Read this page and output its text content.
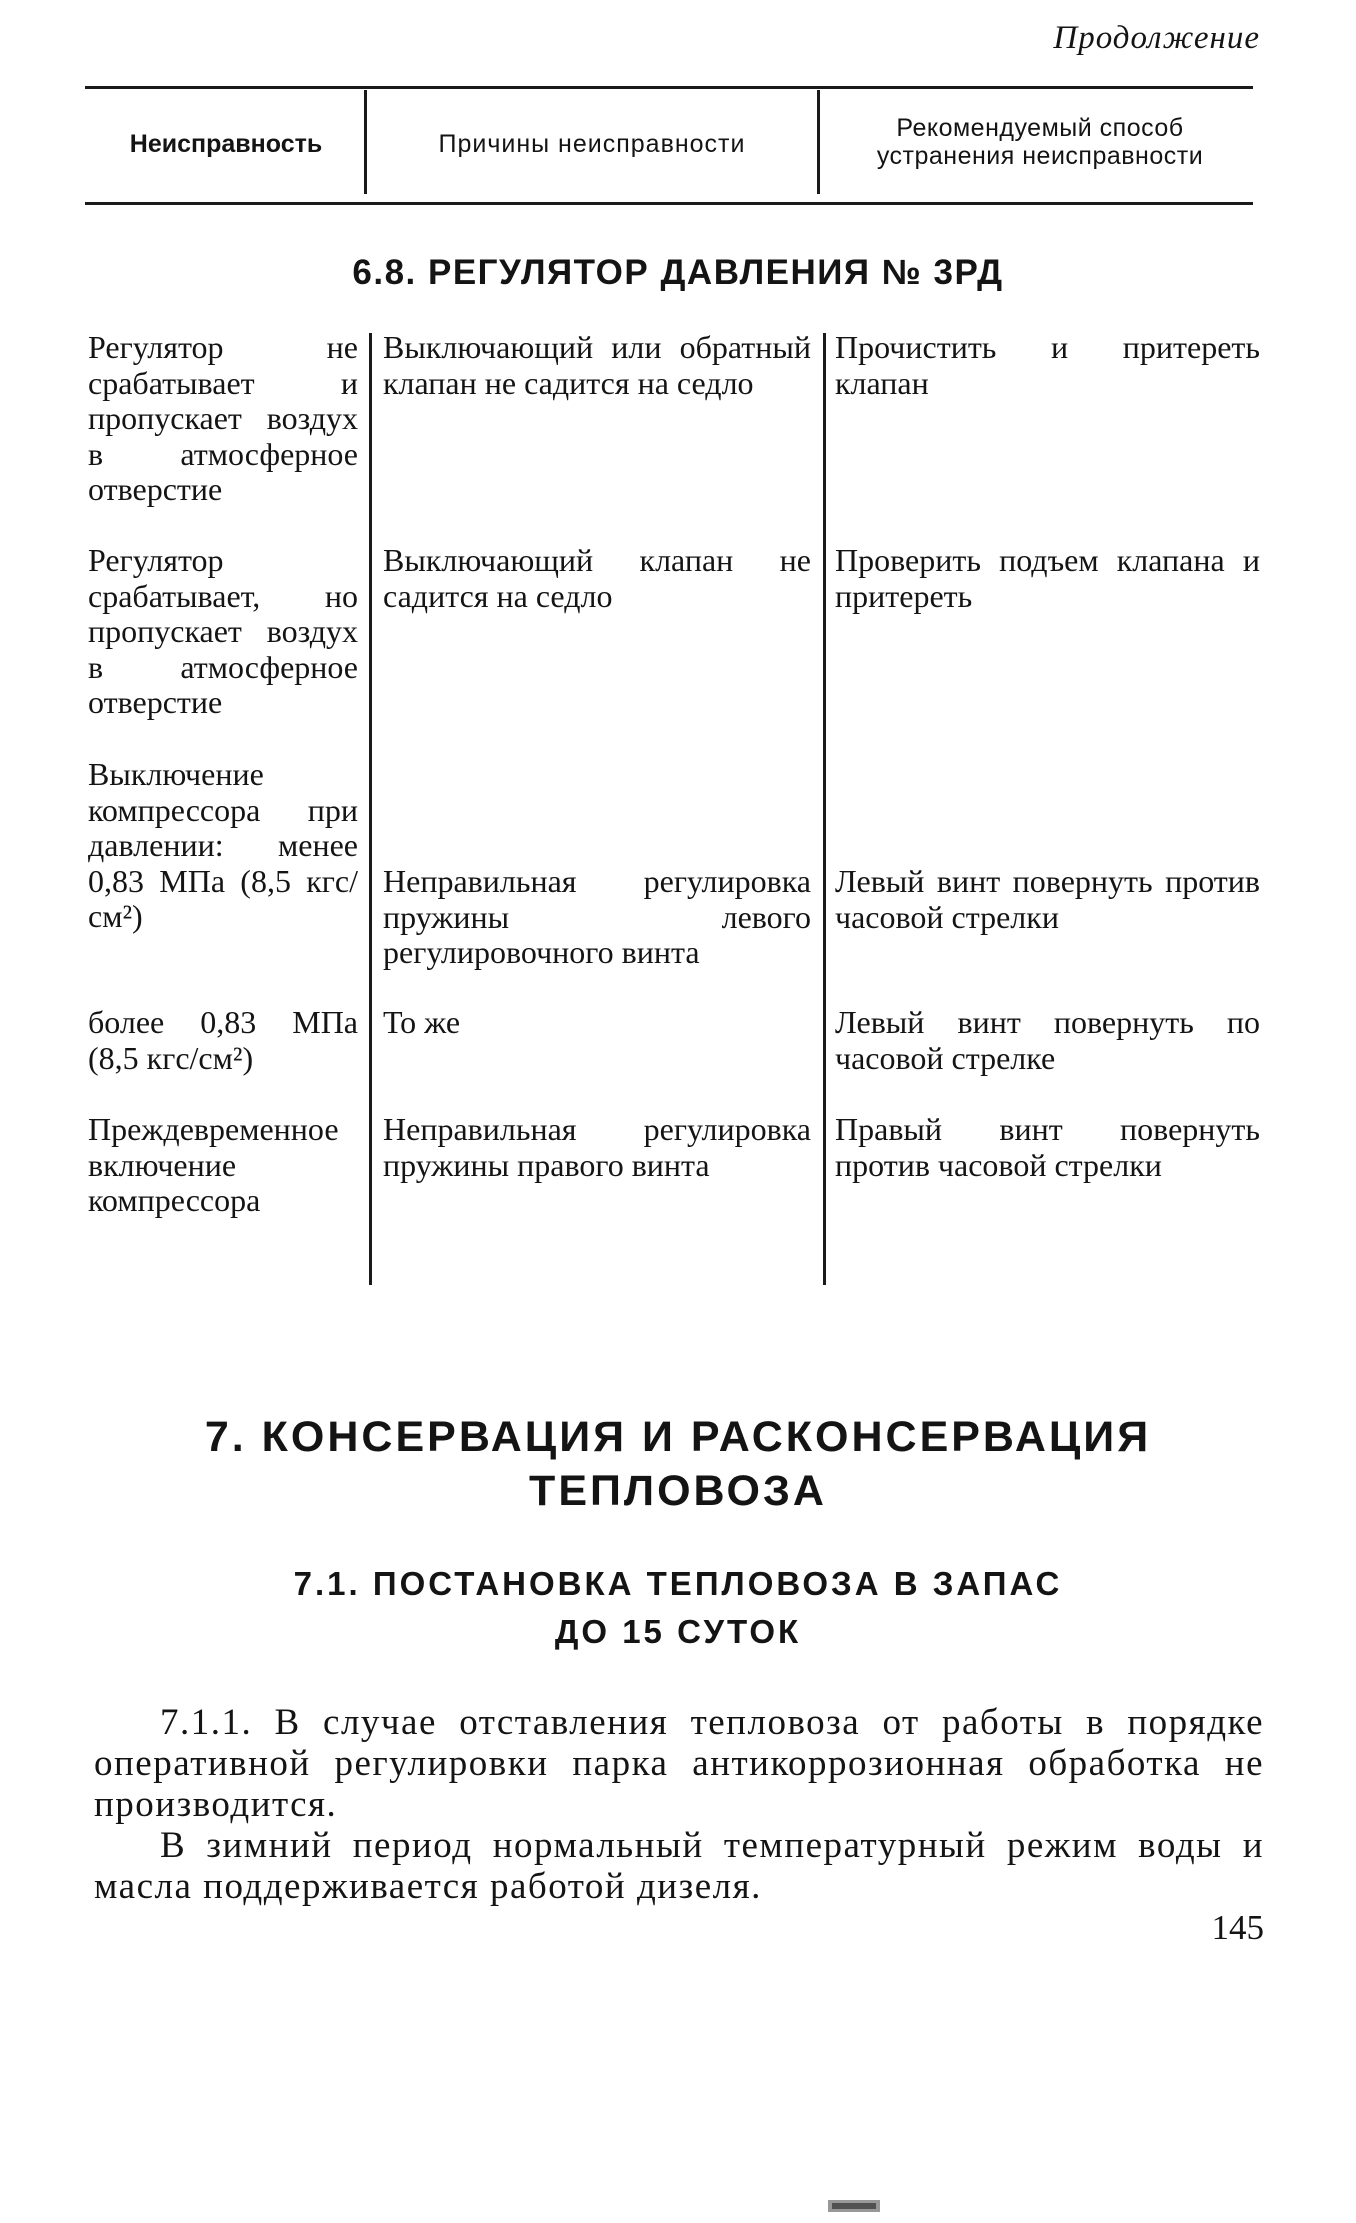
Продолжение
Неисправность	Причины неисправности
Рекомендуемый способ устранения неисправности
6.8. РЕГУЛЯТОР ДАВЛЕНИЯ № 3РД
Регулятор не срабатывает и пропускает воздух в атмосферное отверстие
Выключающий или обратный клапан не садится на седло
Прочистить и притереть клапан
Регулятор срабатывает, но пропускает воздух в атмосферное отверстие
Выключающий клапан не садится на седло
Проверить подъем клапана и притереть
Выключение компрессора при давлении: менее 0,83 МПа (8,5 кгс/см²)
Неправильная регулировка пружины левого регулировочного винта
Левый винт повернуть против часовой стрелки
более 0,83 МПа (8,5 кгс/см²)
То же	Левый винт повернуть по часовой стрелке
Преждевременное включение компрессора
Неправильная регулировка пружины правого винта
Правый винт повернуть против часовой стрелки
7. КОНСЕРВАЦИЯ И РАСКОНСЕРВАЦИЯ
ТЕПЛОВОЗА
7.1. ПОСТАНОВКА ТЕПЛОВОЗА В ЗАПАС
ДО 15 СУТОК
7.1.1. В случае отставления тепловоза от работы в порядке оперативной регулировки парка антикоррозионная обработка не производится.
В зимний период нормальный температурный режим воды и масла поддерживается работой дизеля.
145
